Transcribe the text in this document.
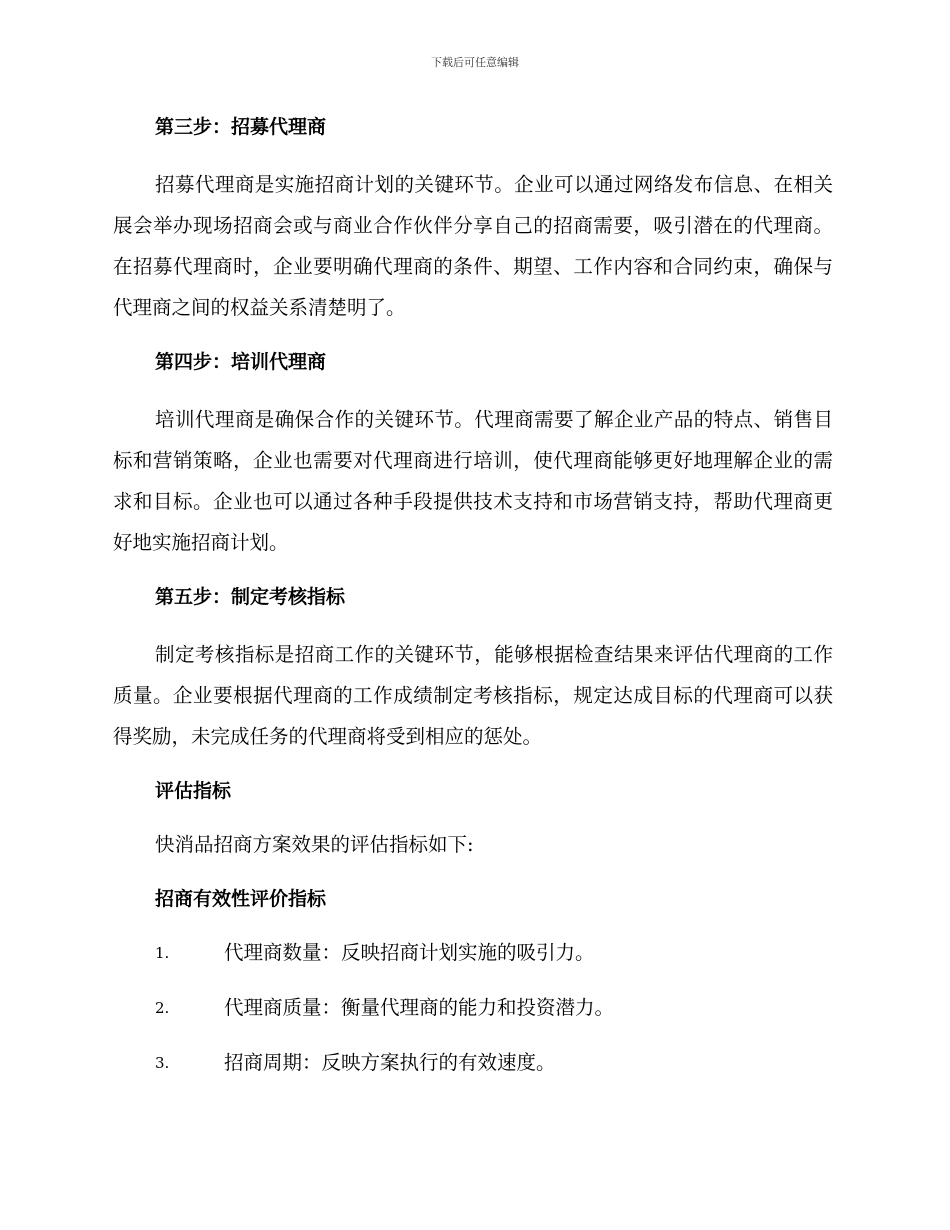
下载后可任意编辑
第三步：招募代理商

招募代理商是实施招商计划的关键环节。企业可以通过网络发布信息、在相关展会举办现场招商会或与商业合作伙伴分享自己的招商需要，吸引潜在的代理商。在招募代理商时，企业要明确代理商的条件、期望、工作内容和合同约束，确保与代理商之间的权益关系清楚明了。

第四步：培训代理商

培训代理商是确保合作的关键环节。代理商需要了解企业产品的特点、销售目标和营销策略，企业也需要对代理商进行培训，使代理商能够更好地理解企业的需求和目标。企业也可以通过各种手段提供技术支持和市场营销支持，帮助代理商更好地实施招商计划。

第五步：制定考核指标

制定考核指标是招商工作的关键环节，能够根据检查结果来评估代理商的工作质量。企业要根据代理商的工作成绩制定考核指标，规定达成目标的代理商可以获得奖励，未完成任务的代理商将受到相应的惩处。

评估指标

快消品招商方案效果的评估指标如下:

招商有效性评价指标
1.	代理商数量：反映招商计划实施的吸引力。
2.	代理商质量：衡量代理商的能力和投资潜力。
3.	招商周期：反映方案执行的有效速度。
